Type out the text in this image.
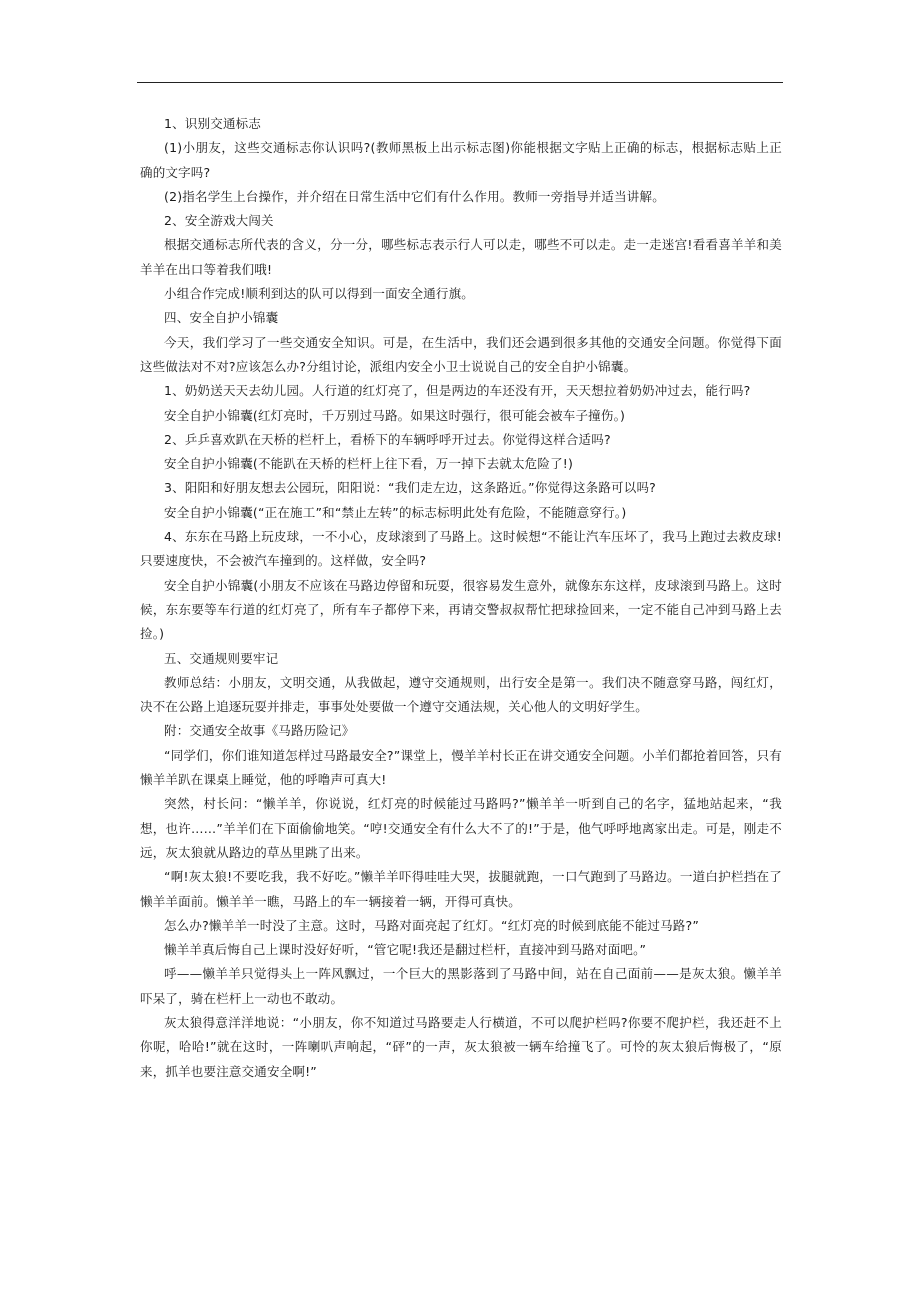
1、识别交通标志

(1)小朋友，这些交通标志你认识吗?(教师黑板上出示标志图)你能根据文字贴上正确的标志，根据标志贴上正确的文字吗?

(2)指名学生上台操作，并介绍在日常生活中它们有什么作用。教师一旁指导并适当讲解。

2、安全游戏大闯关

根据交通标志所代表的含义，分一分，哪些标志表示行人可以走，哪些不可以走。走一走迷宫!看看喜羊羊和美羊羊在出口等着我们哦!

小组合作完成!顺利到达的队可以得到一面安全通行旗。

四、安全自护小锦囊

今天，我们学习了一些交通安全知识。可是，在生活中，我们还会遇到很多其他的交通安全问题。你觉得下面这些做法对不对?应该怎么办?分组讨论，派组内安全小卫士说说自己的安全自护小锦囊。

1、奶奶送天天去幼儿园。人行道的红灯亮了，但是两边的车还没有开，天天想拉着奶奶冲过去，能行吗?

安全自护小锦囊(红灯亮时，千万别过马路。如果这时强行，很可能会被车子撞伤。)

2、乒乒喜欢趴在天桥的栏杆上，看桥下的车辆呼呼开过去。你觉得这样合适吗?

安全自护小锦囊(不能趴在天桥的栏杆上往下看，万一掉下去就太危险了!)

3、阳阳和好朋友想去公园玩，阳阳说：“我们走左边，这条路近。”你觉得这条路可以吗?

安全自护小锦囊(“正在施工”和“禁止左转”的标志标明此处有危险，不能随意穿行。)

4、东东在马路上玩皮球，一不小心，皮球滚到了马路上。这时候想“不能让汽车压坏了，我马上跑过去救皮球!只要速度快，不会被汽车撞到的。这样做，安全吗?

安全自护小锦囊(小朋友不应该在马路边停留和玩耍，很容易发生意外，就像东东这样，皮球滚到马路上。这时候，东东要等车行道的红灯亮了，所有车子都停下来，再请交警叔叔帮忙把球捡回来，一定不能自己冲到马路上去捡。)

五、交通规则要牢记

教师总结：小朋友，文明交通，从我做起，遵守交通规则，出行安全是第一。我们决不随意穿马路，闯红灯，决不在公路上追逐玩耍并排走，事事处处要做一个遵守交通法规，关心他人的文明好学生。

附：交通安全故事《马路历险记》

“同学们，你们谁知道怎样过马路最安全?”课堂上，慢羊羊村长正在讲交通安全问题。小羊们都抢着回答，只有懒羊羊趴在课桌上睡觉，他的呼噜声可真大!

突然，村长问：“懒羊羊，你说说，红灯亮的时候能过马路吗?”懒羊羊一听到自己的名字，猛地站起来，“我想，也许……”羊羊们在下面偷偷地笑。“哼!交通安全有什么大不了的!”于是，他气呼呼地离家出走。可是，刚走不远，灰太狼就从路边的草丛里跳了出来。

“啊!灰太狼!不要吃我，我不好吃。”懒羊羊吓得哇哇大哭，拔腿就跑，一口气跑到了马路边。一道白护栏挡在了懒羊羊面前。懒羊羊一瞧，马路上的车一辆接着一辆，开得可真快。

怎么办?懒羊羊一时没了主意。这时，马路对面亮起了红灯。“红灯亮的时候到底能不能过马路?”

懒羊羊真后悔自己上课时没好好听，“管它呢!我还是翻过栏杆，直接冲到马路对面吧。”

呼——懒羊羊只觉得头上一阵风飘过，一个巨大的黑影落到了马路中间，站在自己面前——是灰太狼。懒羊羊吓呆了，骑在栏杆上一动也不敢动。

灰太狼得意洋洋地说：“小朋友，你不知道过马路要走人行横道，不可以爬护栏吗?你要不爬护栏，我还赶不上你呢，哈哈!”就在这时，一阵喇叭声响起，“砰”的一声，灰太狼被一辆车给撞飞了。可怜的灰太狼后悔极了，“原来，抓羊也要注意交通安全啊!”
